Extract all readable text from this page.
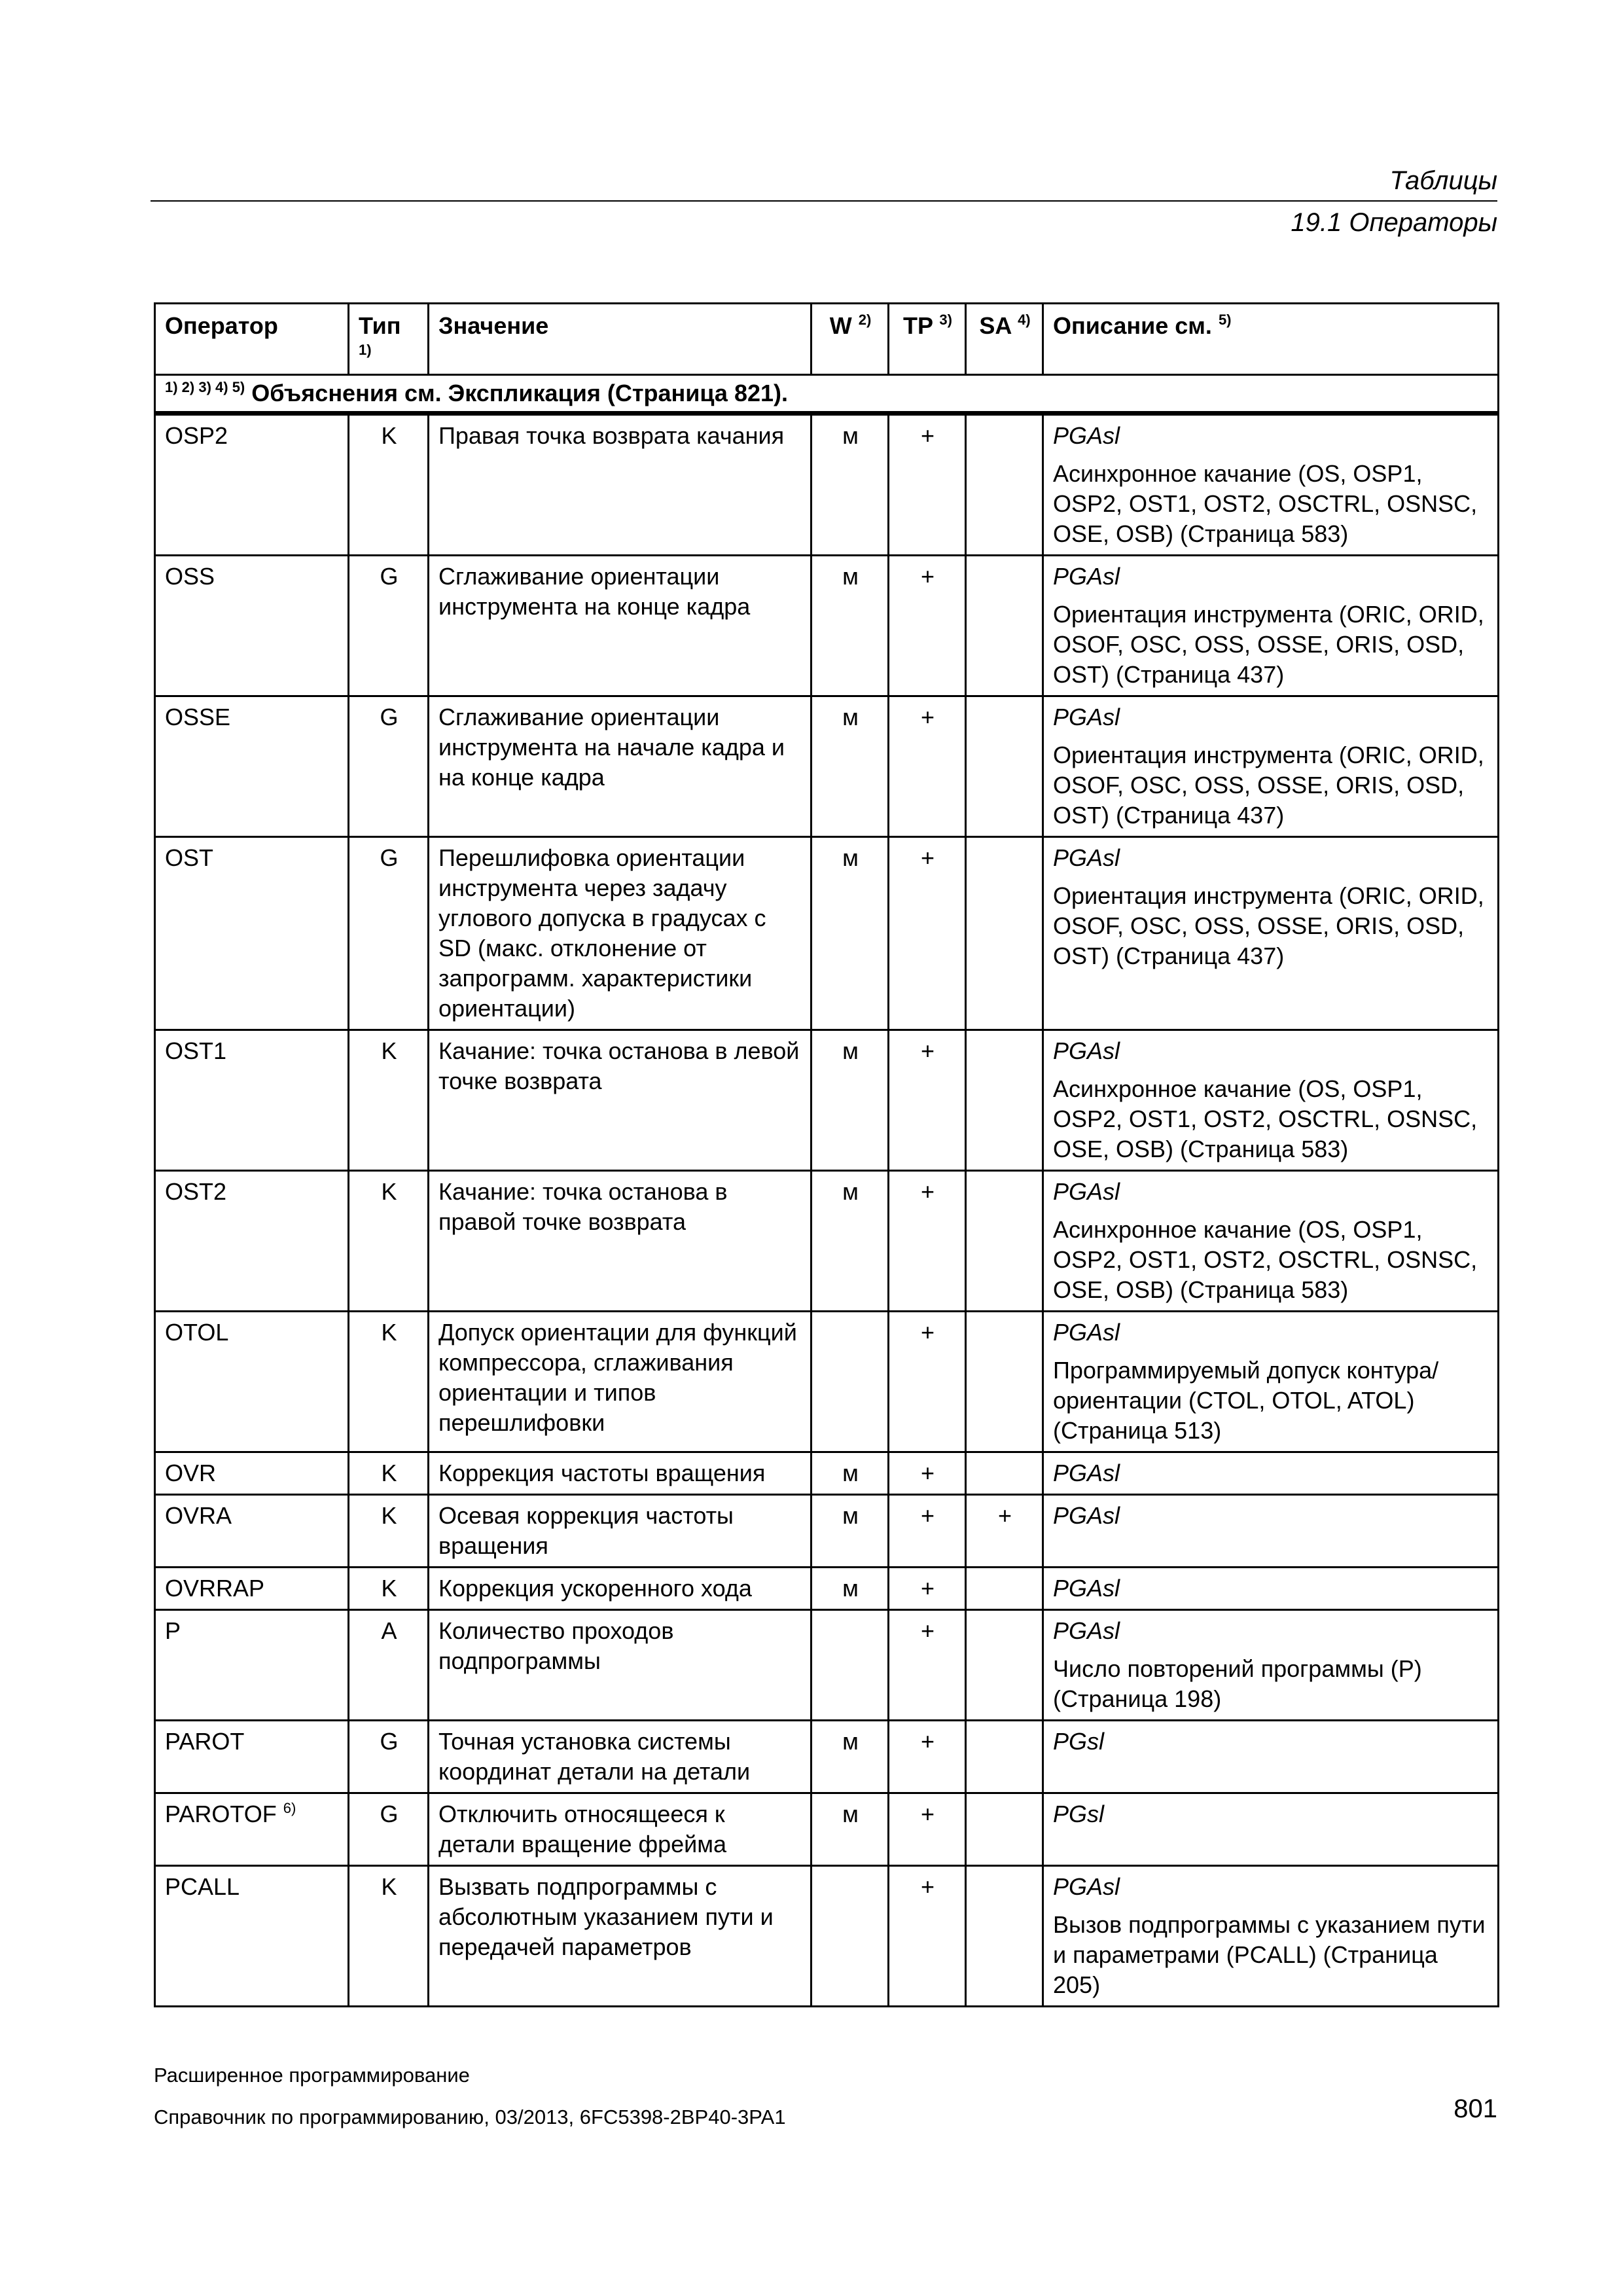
Таблицы
19.1 Операторы
Оператор	Тип $^{1)}$	Значение	W $^{2)}$	TP $^{3)}$	SA $^{4)}$	Описание см. $^{5)}$
$^{1) 2) 3) 4) 5)}$ Объяснения см. Экспликация (Страница 821).						
OSP2	K	Правая точка возврата качания	м	+		PGAsl
Асинхронное качание (OS, OSP1, OSP2, OST1, OST2, OSCTRL, OSNSC, OSE, OSB) (Страница 583)

OSS	G	Сглаживание ориентации инструмента на конце кадра	м	+		PGAsl
Ориентация инструмента (ORIC, ORID, OSOF, OSC, OSS, OSSE, ORIS, OSD, OST) (Страница 437)

OSSE	G	Сглаживание ориентации инструмента на начале кадра и на конце кадра	м	+		PGAsl
Ориентация инструмента (ORIC, ORID, OSOF, OSC, OSS, OSSE, ORIS, OSD, OST) (Страница 437)

OST	G	Перешлифовка ориентации инструмента через задачу углового допуска в градусах с SD (макс. отклонение от запрограмм. характеристики ориентации)	м	+		PGAsl
Ориентация инструмента (ORIC, ORID, OSOF, OSC, OSS, OSSE, ORIS, OSD, OST) (Страница 437)

OST1	K	Качание: точка останова в левой точке возврата	м	+		PGAsl
Асинхронное качание (OS, OSP1, OSP2, OST1, OST2, OSCTRL, OSNSC, OSE, OSB) (Страница 583)

OST2	K	Качание: точка останова в правой точке возврата	м	+		PGAsl
Асинхронное качание (OS, OSP1, OSP2, OST1, OST2, OSCTRL, OSNSC, OSE, OSB) (Страница 583)

OTOL	K	Допуск ориентации для функций компрессора, сглаживания ориентации и типов перешлифовки		+		PGAsl
Программируемый допуск контура/ориентации (CTOL, OTOL, ATOL) (Страница 513)

OVR	K	Коррекция частоты вращения	м	+		PGAsl

OVRA	K	Осевая коррекция частоты вращения	м	+	+	PGAsl

OVRRAP	K	Коррекция ускоренного хода	м	+		PGAsl

P	A	Количество проходов подпрограммы		+		PGAsl
Число повторений программы (P) (Страница 198)

PAROT	G	Точная установка системы координат детали на детали	м	+		PGsl

PAROTOF $^{6)}$	G	Отключить относящееся к детали вращение фрейма	м	+		PGsl

PCALL	K	Вызвать подпрограммы с абсолютным указанием пути и передачей параметров		+		PGAsl
Вызов подпрограммы с указанием пути и параметрами (PCALL) (Страница 205)
Расширенное программирование
Справочник по программированию, 03/2013, 6FC5398-2BP40-3PA1	801
